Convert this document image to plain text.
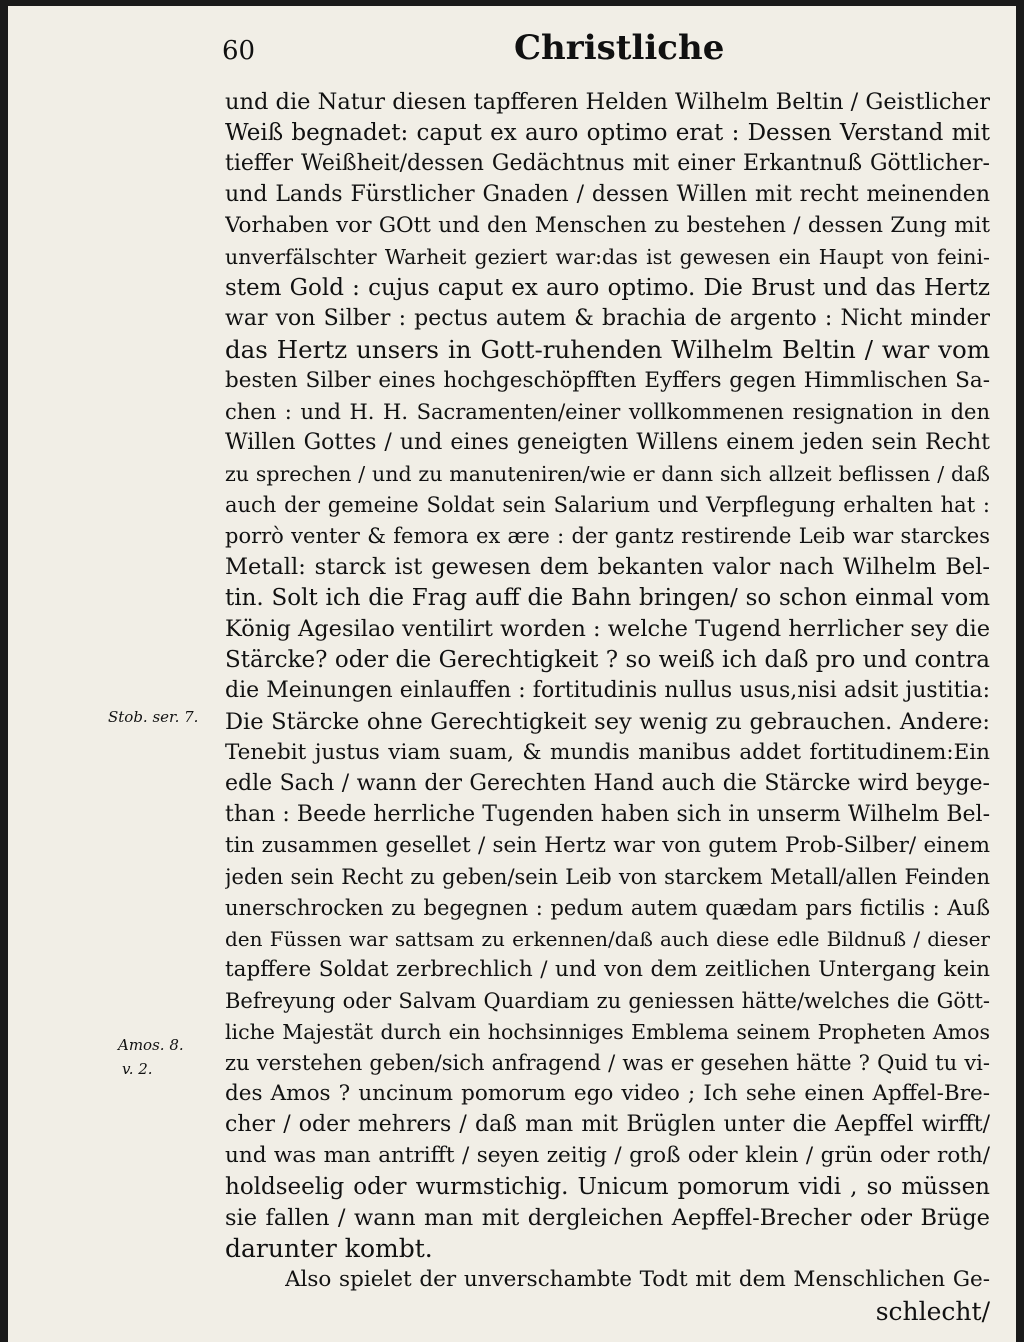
60	Christliche
Stob. ser. 7.
Amos. 8.
v. 2.
und die Natur diesen tapfferen Helden Wilhelm Beltin / Geistlicher
Weiß begnadet: caput ex auro optimo erat : Dessen Verstand mit
tieffer Weißheit/dessen Gedächtnus mit einer Erkantnuß Göttlicher-
und Lands Fürstlicher Gnaden / dessen Willen mit recht meinenden
Vorhaben vor GOtt und den Menschen zu bestehen / dessen Zung mit
unverfälschter Warheit geziert war:das ist gewesen ein Haupt von feini-
stem Gold : cujus caput ex auro optimo. Die Brust und das Hertz
war von Silber : pectus autem & brachia de argento : Nicht minder
das Hertz unsers in Gott-ruhenden Wilhelm Beltin / war vom
besten Silber eines hochgeschöpfften Eyffers gegen Himmlischen Sa-
chen : und H. H. Sacramenten/einer vollkommenen resignation in den
Willen Gottes / und eines geneigten Willens einem jeden sein Recht
zu sprechen / und zu manuteniren/wie er dann sich allzeit beflissen / daß
auch der gemeine Soldat sein Salarium und Verpflegung erhalten hat :
porrò venter & femora ex ære : der gantz restirende Leib war starckes
Metall: starck ist gewesen dem bekanten valor nach Wilhelm Bel-
tin. Solt ich die Frag auff die Bahn bringen/ so schon einmal vom
König Agesilao ventilirt worden : welche Tugend herrlicher sey die
Stärcke? oder die Gerechtigkeit ? so weiß ich daß pro und contra
die Meinungen einlauffen : fortitudinis nullus usus,nisi adsit justitia:
Die Stärcke ohne Gerechtigkeit sey wenig zu gebrauchen. Andere:
Tenebit justus viam suam, & mundis manibus addet fortitudinem:Ein
edle Sach / wann der Gerechten Hand auch die Stärcke wird beyge-
than : Beede herrliche Tugenden haben sich in unserm Wilhelm Bel-
tin zusammen gesellet / sein Hertz war von gutem Prob-Silber/ einem
jeden sein Recht zu geben/sein Leib von starckem Metall/allen Feinden
unerschrocken zu begegnen : pedum autem quædam pars fictilis : Auß
den Füssen war sattsam zu erkennen/daß auch diese edle Bildnuß / dieser
tapffere Soldat zerbrechlich / und von dem zeitlichen Untergang kein
Befreyung oder Salvam Quardiam zu geniessen hätte/welches die Gött-
liche Majestät durch ein hochsinniges Emblema seinem Propheten Amos
zu verstehen geben/sich anfragend / was er gesehen hätte ? Quid tu vi-
des Amos ? uncinum pomorum ego video ; Ich sehe einen Apffel-Bre-
cher / oder mehrers / daß man mit Brüglen unter die Aepffel wirfft/
und was man antrifft / seyen zeitig / groß oder klein / grün oder roth/
holdseelig oder wurmstichig. Unicum pomorum vidi , so müssen
sie fallen / wann man mit dergleichen Aepffel-Brecher oder Brüge
darunter kombt.
Also spielet der unverschambte Todt mit dem Menschlichen Ge-
schlecht/
